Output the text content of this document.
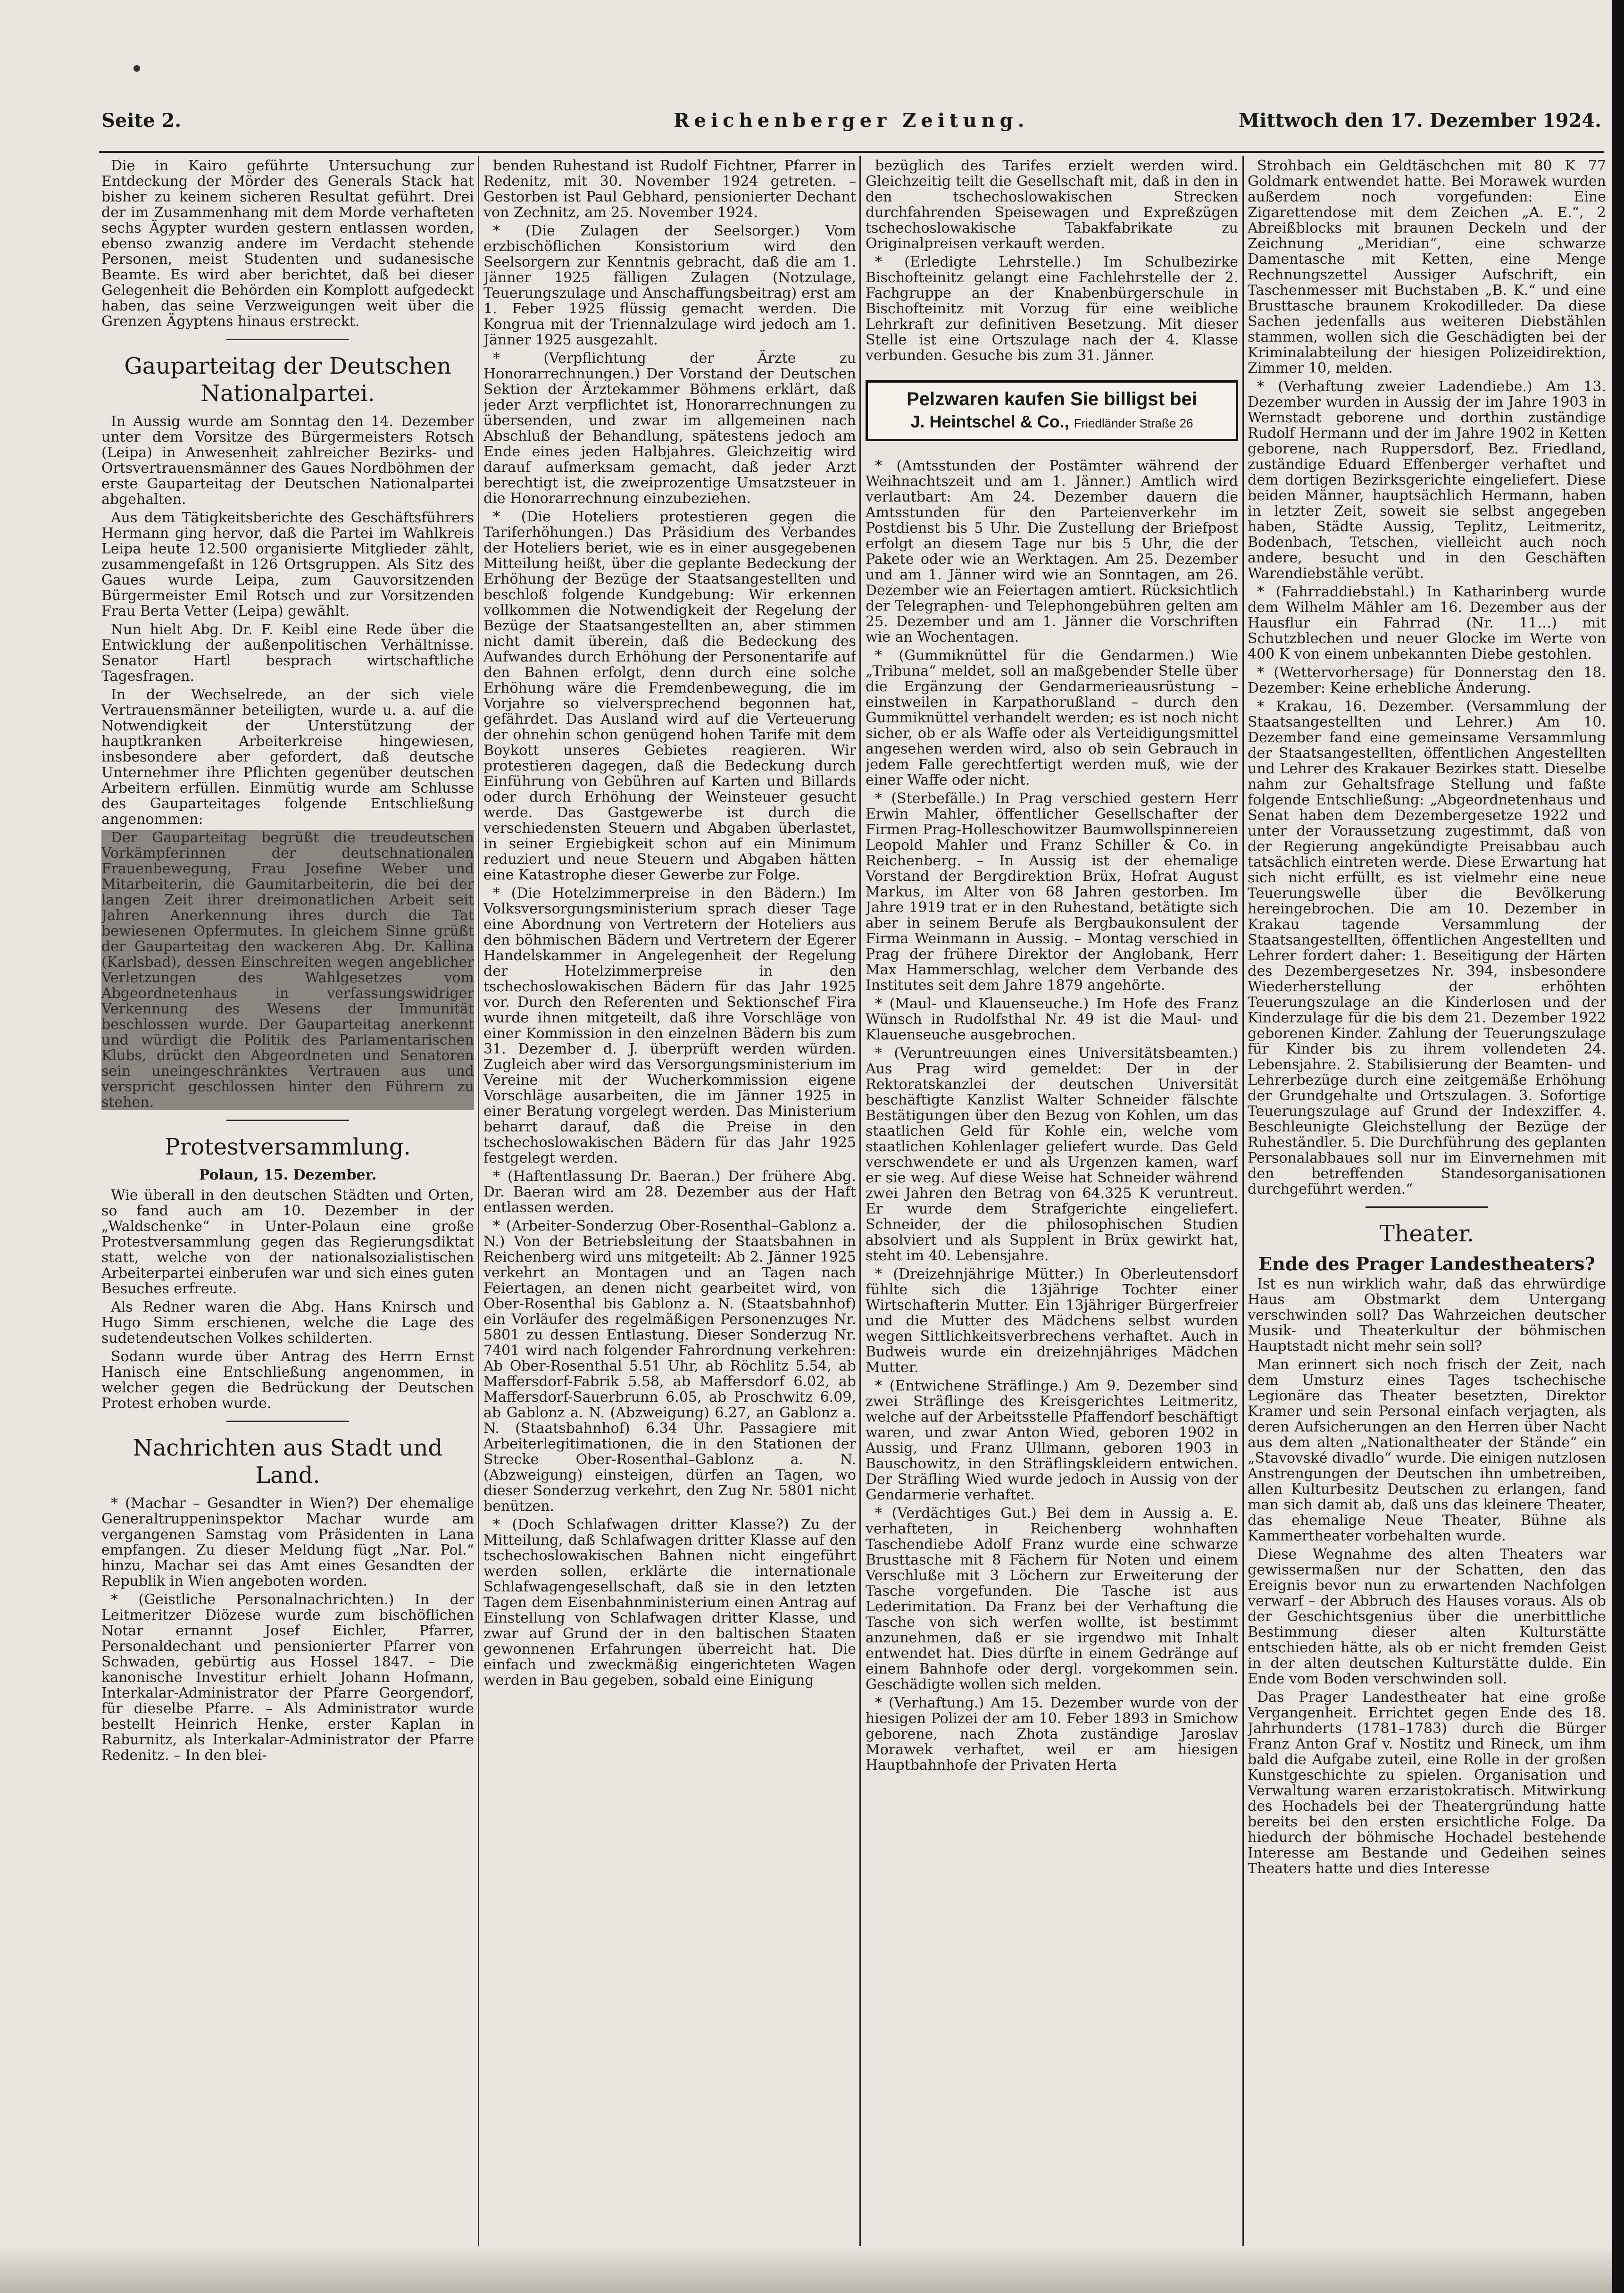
Seite 2.	Reichenberger Zeitung.	Mittwoch den 17. Dezember 1924.

Die in Kairo geführte Untersuchung zur Entdeckung der Mörder des Generals Stack hat bisher zu keinem sicheren Resultat geführt. Drei der im Zusammenhang mit dem Morde verhafteten sechs Ägypter wurden gestern entlassen worden, ebenso zwanzig andere im Verdacht stehende Personen, meist Studenten und sudanesische Beamte. Es wird aber berichtet, daß bei dieser Gelegenheit die Behörden ein Komplott aufgedeckt haben, das seine Verzweigungen weit über die Grenzen Ägyptens hinaus erstreckt.

Gauparteitag der Deutschen Nationalpartei.

In Aussig wurde am Sonntag den 14. Dezember unter dem Vorsitze des Bürgermeisters Rotsch (Leipa) in Anwesenheit zahlreicher Bezirks- und Ortsvertrauensmänner des Gaues Nordböhmen der erste Gauparteitag der Deutschen Nationalpartei abgehalten.

Aus dem Tätigkeitsberichte des Geschäftsführers Hermann ging hervor, daß die Partei im Wahlkreis Leipa heute 12.500 organisierte Mitglieder zählt, zusammengefaßt in 126 Ortsgruppen. Als Sitz des Gaues wurde Leipa, zum Gauvorsitzenden Bürgermeister Emil Rotsch und zur Vorsitzenden Frau Berta Vetter (Leipa) gewählt.

Nun hielt Abg. Dr. F. Keibl eine Rede über die Entwicklung der außenpolitischen Verhältnisse. Senator Hartl besprach wirtschaftliche Tagesfragen.

In der Wechselrede, an der sich viele Vertrauensmänner beteiligten, wurde u. a. auf die Notwendigkeit der Unterstützung der hauptkranken Arbeiterkreise hingewiesen, insbesondere aber gefordert, daß deutsche Unternehmer ihre Pflichten gegenüber deutschen Arbeitern erfüllen. Einmütig wurde am Schlusse des Gauparteitages folgende Entschließung angenommen:

Der Gauparteitag begrüßt die treudeutschen Vorkämpferinnen der deutschnationalen Frauenbewegung, Frau Josefine Weber und Mitarbeiterin, die Gaumitarbeiterin, die bei der langen Zeit ihrer dreimonatlichen Arbeit seit Jahren Anerkennung ihres durch die Tat bewiesenen Opfermutes. In gleichem Sinne grüßt der Gauparteitag den wackeren Abg. Dr. Kallina (Karlsbad), dessen Einschreiten wegen angeblicher Verletzungen des Wahlgesetzes vom Abgeordnetenhaus in verfassungswidriger Verkennung des Wesens der Immunität beschlossen wurde. Der Gauparteitag anerkennt und würdigt die Politik des Parlamentarischen Klubs, drückt den Abgeordneten und Senatoren sein uneingeschränktes Vertrauen aus und verspricht geschlossen hinter den Führern zu stehen.

Protestversammlung.
Polaun, 15. Dezember.

Wie überall in den deutschen Städten und Orten, so fand auch am 10. Dezember in der „Waldschenke“ in Unter-Polaun eine große Protestversammlung gegen das Regierungsdiktat statt, welche von der nationalsozialistischen Arbeiterpartei einberufen war und sich eines guten Besuches erfreute.

Als Redner waren die Abg. Hans Knirsch und Hugo Simm erschienen, welche die Lage des sudetendeutschen Volkes schilderten.

Sodann wurde über Antrag des Herrn Ernst Hanisch eine Entschließung angenommen, in welcher gegen die Bedrückung der Deutschen Protest erhoben wurde.

Nachrichten aus Stadt und Land.

* (Machar – Gesandter in Wien?) Der ehemalige Generaltruppeninspektor Machar wurde am vergangenen Samstag vom Präsidenten in Lana empfangen. Zu dieser Meldung fügt „Nar. Pol.“ hinzu, Machar sei das Amt eines Gesandten der Republik in Wien angeboten worden.

* (Geistliche Personalnachrichten.) In der Leitmeritzer Diözese wurde zum bischöflichen Notar ernannt Josef Eichler, Pfarrer, Personaldechant und pensionierter Pfarrer von Schwaden, gebürtig aus Hossel 1847. – Die kanonische Investitur erhielt Johann Hofmann, Interkalar-Administrator der Pfarre Georgendorf, für dieselbe Pfarre. – Als Administrator wurde bestellt Heinrich Henke, erster Kaplan in Raburnitz, als Interkalar-Administrator der Pfarre Redenitz. – In den blei-

benden Ruhestand ist Rudolf Fichtner, Pfarrer in Redenitz, mit 30. November 1924 getreten. – Gestorben ist Paul Gebhard, pensionierter Dechant von Zechnitz, am 25. November 1924.

* (Die Zulagen der Seelsorger.) Vom erzbischöflichen Konsistorium wird den Seelsorgern zur Kenntnis gebracht, daß die am 1. Jänner 1925 fälligen Zulagen (Notzulage, Teuerungszulage und Anschaffungsbeitrag) erst am 1. Feber 1925 flüssig gemacht werden. Die Kongrua mit der Triennalzulage wird jedoch am 1. Jänner 1925 ausgezahlt.

* (Verpflichtung der Ärzte zu Honorarrechnungen.) Der Vorstand der Deutschen Sektion der Ärztekammer Böhmens erklärt, daß jeder Arzt verpflichtet ist, Honorarrechnungen zu übersenden, und zwar im allgemeinen nach Abschluß der Behandlung, spätestens jedoch am Ende eines jeden Halbjahres. Gleichzeitig wird darauf aufmerksam gemacht, daß jeder Arzt berechtigt ist, die zweiprozentige Umsatzsteuer in die Honorarrechnung einzubeziehen.

* (Die Hoteliers protestieren gegen die Tariferhöhungen.) Das Präsidium des Verbandes der Hoteliers beriet, wie es in einer ausgegebenen Mitteilung heißt, über die geplante Bedeckung der Erhöhung der Bezüge der Staatsangestellten und beschloß folgende Kundgebung: Wir erkennen vollkommen die Notwendigkeit der Regelung der Bezüge der Staatsangestellten an, aber stimmen nicht damit überein, daß die Bedeckung des Aufwandes durch Erhöhung der Personentarife auf den Bahnen erfolgt, denn durch eine solche Erhöhung wäre die Fremdenbewegung, die im Vorjahre so vielversprechend begonnen hat, gefährdet. Das Ausland wird auf die Verteuerung der ohnehin schon genügend hohen Tarife mit dem Boykott unseres Gebietes reagieren. Wir protestieren dagegen, daß die Bedeckung durch Einführung von Gebühren auf Karten und Billards oder durch Erhöhung der Weinsteuer gesucht werde. Das Gastgewerbe ist durch die verschiedensten Steuern und Abgaben überlastet, in seiner Ergiebigkeit schon auf ein Minimum reduziert und neue Steuern und Abgaben hätten eine Katastrophe dieser Gewerbe zur Folge.

* (Die Hotelzimmerpreise in den Bädern.) Im Volksversorgungsministerium sprach dieser Tage eine Abordnung von Vertretern der Hoteliers aus den böhmischen Bädern und Vertretern der Egerer Handelskammer in Angelegenheit der Regelung der Hotelzimmerpreise in den tschechoslowakischen Bädern für das Jahr 1925 vor. Durch den Referenten und Sektionschef Fira wurde ihnen mitgeteilt, daß ihre Vorschläge von einer Kommission in den einzelnen Bädern bis zum 31. Dezember d. J. überprüft werden würden. Zugleich aber wird das Versorgungsministerium im Vereine mit der Wucherkommission eigene Vorschläge ausarbeiten, die im Jänner 1925 in einer Beratung vorgelegt werden. Das Ministerium beharrt darauf, daß die Preise in den tschechoslowakischen Bädern für das Jahr 1925 festgelegt werden.

* (Haftentlassung Dr. Baeran.) Der frühere Abg. Dr. Baeran wird am 28. Dezember aus der Haft entlassen werden.

* (Arbeiter-Sonderzug Ober-Rosenthal–Gablonz a. N.) Von der Betriebsleitung der Staatsbahnen in Reichenberg wird uns mitgeteilt: Ab 2. Jänner 1925 verkehrt an Montagen und an Tagen nach Feiertagen, an denen nicht gearbeitet wird, von Ober-Rosenthal bis Gablonz a. N. (Staatsbahnhof) ein Vorläufer des regelmäßigen Personenzuges Nr. 5801 zu dessen Entlastung. Dieser Sonderzug Nr. 7401 wird nach folgender Fahrordnung verkehren: Ab Ober-Rosenthal 5.51 Uhr, ab Röchlitz 5.54, ab Maffersdorf-Fabrik 5.58, ab Maffersdorf 6.02, ab Maffersdorf-Sauerbrunn 6.05, ab Proschwitz 6.09, ab Gablonz a. N. (Abzweigung) 6.27, an Gablonz a. N. (Staatsbahnhof) 6.34 Uhr. Passagiere mit Arbeiterlegitimationen, die in den Stationen der Strecke Ober-Rosenthal–Gablonz a. N. (Abzweigung) einsteigen, dürfen an Tagen, wo dieser Sonderzug verkehrt, den Zug Nr. 5801 nicht benützen.

* (Doch Schlafwagen dritter Klasse?) Zu der Mitteilung, daß Schlafwagen dritter Klasse auf den tschechoslowakischen Bahnen nicht eingeführt werden sollen, erklärte die internationale Schlafwagengesellschaft, daß sie in den letzten Tagen dem Eisenbahnministerium einen Antrag auf Einstellung von Schlafwagen dritter Klasse, und zwar auf Grund der in den baltischen Staaten gewonnenen Erfahrungen überreicht hat. Die einfach und zweckmäßig eingerichteten Wagen werden in Bau gegeben, sobald eine Einigung

bezüglich des Tarifes erzielt werden wird. Gleichzeitig teilt die Gesellschaft mit, daß in den in den tschechoslowakischen Strecken durchfahrenden Speisewagen und Expreßzügen tschechoslowakische Tabakfabrikate zu Originalpreisen verkauft werden.

* (Erledigte Lehrstelle.) Im Schulbezirke Bischofteinitz gelangt eine Fachlehrstelle der 2. Fachgruppe an der Knabenbürgerschule in Bischofteinitz mit Vorzug für eine weibliche Lehrkraft zur definitiven Besetzung. Mit dieser Stelle ist eine Ortszulage nach der 4. Klasse verbunden. Gesuche bis zum 31. Jänner.

Pelzwaren kaufen Sie billigst bei
J. Heintschel & Co., Friedländer Straße 26

* (Amtsstunden der Postämter während der Weihnachtszeit und am 1. Jänner.) Amtlich wird verlautbart: Am 24. Dezember dauern die Amtsstunden für den Parteienverkehr im Postdienst bis 5 Uhr. Die Zustellung der Briefpost erfolgt an diesem Tage nur bis 5 Uhr, die der Pakete oder wie an Werktagen. Am 25. Dezember und am 1. Jänner wird wie an Sonntagen, am 26. Dezember wie an Feiertagen amtiert. Rücksichtlich der Telegraphen- und Telephongebühren gelten am 25. Dezember und am 1. Jänner die Vorschriften wie an Wochentagen.

* (Gummiknüttel für die Gendarmen.) Wie „Tribuna“ meldet, soll an maßgebender Stelle über die Ergänzung der Gendarmerieausrüstung – einstweilen in Karpathorußland – durch den Gummiknüttel verhandelt werden; es ist noch nicht sicher, ob er als Waffe oder als Verteidigungsmittel angesehen werden wird, also ob sein Gebrauch in jedem Falle gerechtfertigt werden muß, wie der einer Waffe oder nicht.

* (Sterbefälle.) In Prag verschied gestern Herr Erwin Mahler, öffentlicher Gesellschafter der Firmen Prag-Holleschowitzer Baumwollspinnereien Leopold Mahler und Franz Schiller & Co. in Reichenberg. – In Aussig ist der ehemalige Vorstand der Bergdirektion Brüx, Hofrat August Markus, im Alter von 68 Jahren gestorben. Im Jahre 1919 trat er in den Ruhestand, betätigte sich aber in seinem Berufe als Bergbaukonsulent der Firma Weinmann in Aussig. – Montag verschied in Prag der frühere Direktor der Anglobank, Herr Max Hammerschlag, welcher dem Verbande des Institutes seit dem Jahre 1879 angehörte.

* (Maul- und Klauenseuche.) Im Hofe des Franz Wünsch in Rudolfsthal Nr. 49 ist die Maul- und Klauenseuche ausgebrochen.

* (Veruntreuungen eines Universitätsbeamten.) Aus Prag wird gemeldet: Der in der Rektoratskanzlei der deutschen Universität beschäftigte Kanzlist Walter Schneider fälschte Bestätigungen über den Bezug von Kohlen, um das staatlichen Geld für Kohle ein, welche vom staatlichen Kohlenlager geliefert wurde. Das Geld verschwendete er und als Urgenzen kamen, warf er sie weg. Auf diese Weise hat Schneider während zwei Jahren den Betrag von 64.325 K veruntreut. Er wurde dem Strafgerichte eingeliefert. Schneider, der die philosophischen Studien absolviert und als Supplent in Brüx gewirkt hat, steht im 40. Lebensjahre.

* (Dreizehnjährige Mütter.) In Oberleutensdorf fühlte sich die 13jährige Tochter einer Wirtschafterin Mutter. Ein 13jähriger Bürgerfreier und die Mutter des Mädchens selbst wurden wegen Sittlichkeitsverbrechens verhaftet. Auch in Budweis wurde ein dreizehnjähriges Mädchen Mutter.

* (Entwichene Sträflinge.) Am 9. Dezember sind zwei Sträflinge des Kreisgerichtes Leitmeritz, welche auf der Arbeitsstelle Pfaffendorf beschäftigt waren, und zwar Anton Wied, geboren 1902 in Aussig, und Franz Ullmann, geboren 1903 in Bauschowitz, in den Sträflingskleidern entwichen. Der Sträfling Wied wurde jedoch in Aussig von der Gendarmerie verhaftet.

* (Verdächtiges Gut.) Bei dem in Aussig a. E. verhafteten, in Reichenberg wohnhaften Taschendiebe Adolf Franz wurde eine schwarze Brusttasche mit 8 Fächern für Noten und einem Verschluße mit 3 Löchern zur Erweiterung der Tasche vorgefunden. Die Tasche ist aus Lederimitation. Da Franz bei der Verhaftung die Tasche von sich werfen wollte, ist bestimmt anzunehmen, daß er sie irgendwo mit Inhalt entwendet hat. Dies dürfte in einem Gedränge auf einem Bahnhofe oder dergl. vorgekommen sein. Geschädigte wollen sich melden.

* (Verhaftung.) Am 15. Dezember wurde von der hiesigen Polizei der am 10. Feber 1893 in Smichow geborene, nach Zhota zuständige Jaroslav Morawek verhaftet, weil er am hiesigen Hauptbahnhofe der Privaten Herta

Strohbach ein Geldtäschchen mit 80 K 77 Goldmark entwendet hatte. Bei Morawek wurden außerdem noch vorgefunden: Eine Zigarettendose mit dem Zeichen „A. E.“, 2 Abreißblocks mit braunen Deckeln und der Zeichnung „Meridian“, eine schwarze Damentasche mit Ketten, eine Menge Rechnungszettel Aussiger Aufschrift, ein Taschenmesser mit Buchstaben „B. K.“ und eine Brusttasche braunem Krokodilleder. Da diese Sachen jedenfalls aus weiteren Diebstählen stammen, wollen sich die Geschädigten bei der Kriminalabteilung der hiesigen Polizeidirektion, Zimmer 10, melden.

* (Verhaftung zweier Ladendiebe.) Am 13. Dezember wurden in Aussig der im Jahre 1903 in Wernstadt geborene und dorthin zuständige Rudolf Hermann und der im Jahre 1902 in Ketten geborene, nach Ruppersdorf, Bez. Friedland, zuständige Eduard Effenberger verhaftet und dem dortigen Bezirksgerichte eingeliefert. Diese beiden Männer, hauptsächlich Hermann, haben in letzter Zeit, soweit sie selbst angegeben haben, Städte Aussig, Teplitz, Leitmeritz, Bodenbach, Tetschen, vielleicht auch noch andere, besucht und in den Geschäften Warendiebstähle verübt.

* (Fahrraddiebstahl.) In Katharinberg wurde dem Wilhelm Mähler am 16. Dezember aus der Hausflur ein Fahrrad (Nr. 11…) mit Schutzblechen und neuer Glocke im Werte von 400 K von einem unbekannten Diebe gestohlen.

* (Wettervorhersage) für Donnerstag den 18. Dezember: Keine erhebliche Änderung.

* Krakau, 16. Dezember. (Versammlung der Staatsangestellten und Lehrer.) Am 10. Dezember fand eine gemeinsame Versammlung der Staatsangestellten, öffentlichen Angestellten und Lehrer des Krakauer Bezirkes statt. Dieselbe nahm zur Gehaltsfrage Stellung und faßte folgende Entschließung: „Abgeordnetenhaus und Senat haben dem Dezembergesetze 1922 und unter der Voraussetzung zugestimmt, daß von der Regierung angekündigte Preisabbau auch tatsächlich eintreten werde. Diese Erwartung hat sich nicht erfüllt, es ist vielmehr eine neue Teuerungswelle über die Bevölkerung hereingebrochen. Die am 10. Dezember in Krakau tagende Versammlung der Staatsangestellten, öffentlichen Angestellten und Lehrer fordert daher: 1. Beseitigung der Härten des Dezembergesetzes Nr. 394, insbesondere Wiederherstellung der erhöhten Teuerungszulage an die Kinderlosen und der Kinderzulage für die bis dem 21. Dezember 1922 geborenen Kinder. Zahlung der Teuerungszulage für Kinder bis zu ihrem vollendeten 24. Lebensjahre. 2. Stabilisierung der Beamten- und Lehrerbezüge durch eine zeitgemäße Erhöhung der Grundgehalte und Ortszulagen. 3. Sofortige Teuerungszulage auf Grund der Indexziffer. 4. Beschleunigte Gleichstellung der Bezüge der Ruheständler. 5. Die Durchführung des geplanten Personalabbaues soll nur im Einvernehmen mit den betreffenden Standesorganisationen durchgeführt werden.“

Theater.
Ende des Prager Landestheaters?

Ist es nun wirklich wahr, daß das ehrwürdige Haus am Obstmarkt dem Untergang verschwinden soll? Das Wahrzeichen deutscher Musik- und Theaterkultur der böhmischen Hauptstadt nicht mehr sein soll?

Man erinnert sich noch frisch der Zeit, nach dem Umsturz eines Tages tschechische Legionäre das Theater besetzten, Direktor Kramer und sein Personal einfach verjagten, als deren Aufsicherungen an den Herren über Nacht aus dem alten „Nationaltheater der Stände“ ein „Stavovské divadlo“ wurde. Die einigen nutzlosen Anstrengungen der Deutschen ihn umbetreiben, allen Kulturbesitz Deutschen zu erlangen, fand man sich damit ab, daß uns das kleinere Theater, das ehemalige Neue Theater, Bühne als Kammertheater vorbehalten wurde.

Diese Wegnahme des alten Theaters war gewissermaßen nur der Schatten, den das Ereignis bevor nun zu erwartenden Nachfolgen verwarf – der Abbruch des Hauses voraus. Als ob der Geschichtsgenius über die unerbittliche Bestimmung dieser alten Kulturstätte entschieden hätte, als ob er nicht fremden Geist in der alten deutschen Kulturstätte dulde. Ein Ende vom Boden verschwinden soll.

Das Prager Landestheater hat eine große Vergangenheit. Errichtet gegen Ende des 18. Jahrhunderts (1781–1783) durch die Bürger Franz Anton Graf v. Nostitz und Rineck, um ihm bald die Aufgabe zuteil, eine Rolle in der großen Kunstgeschichte zu spielen. Organisation und Verwaltung waren erzaristokratisch. Mitwirkung des Hochadels bei der Theatergründung hatte bereits bei den ersten ersichtliche Folge. Da hiedurch der böhmische Hochadel bestehende Interesse am Bestande und Gedeihen seines Theaters hatte und dies Interesse
